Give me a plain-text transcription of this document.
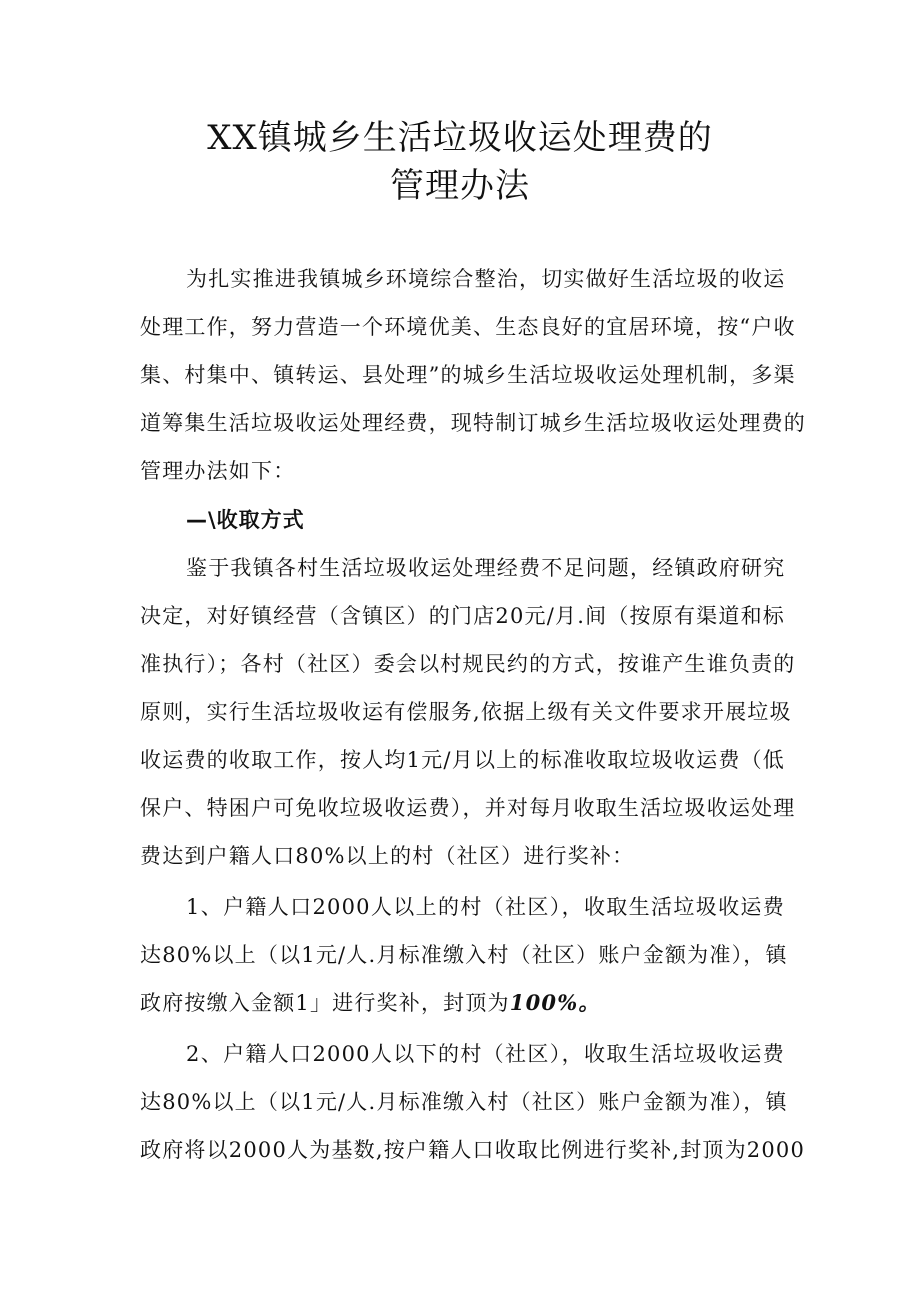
XX镇城乡生活垃圾收运处理费的
管理办法
为扎实推进我镇城乡环境综合整治，切实做好生活垃圾的收运
处理工作，努力营造一个环境优美、生态良好的宜居环境，按“户收
集、村集中、镇转运、县处理”的城乡生活垃圾收运处理机制，多渠
道筹集生活垃圾收运处理经费，现特制订城乡生活垃圾收运处理费的
管理办法如下：
—\收取方式
鉴于我镇各村生活垃圾收运处理经费不足问题，经镇政府研究
决定，对好镇经营（含镇区）的门店20元/月.间（按原有渠道和标
准执行）；各村（社区）委会以村规民约的方式，按谁产生谁负责的
原则，实行生活垃圾收运有偿服务,依据上级有关文件要求开展垃圾
收运费的收取工作，按人均1元/月以上的标准收取垃圾收运费（低
保户、特困户可免收垃圾收运费），并对每月收取生活垃圾收运处理
费达到户籍人口80%以上的村（社区）进行奖补：
1、户籍人口2000人以上的村（社区），收取生活垃圾收运费
达80%以上（以1元/人.月标准缴入村（社区）账户金额为准），镇
政府按缴入金额1」进行奖补，封顶为100%。
2、户籍人口2000人以下的村（社区），收取生活垃圾收运费
达80%以上（以1元/人.月标准缴入村（社区）账户金额为准），镇
政府将以2000人为基数,按户籍人口收取比例进行奖补,封顶为2000
